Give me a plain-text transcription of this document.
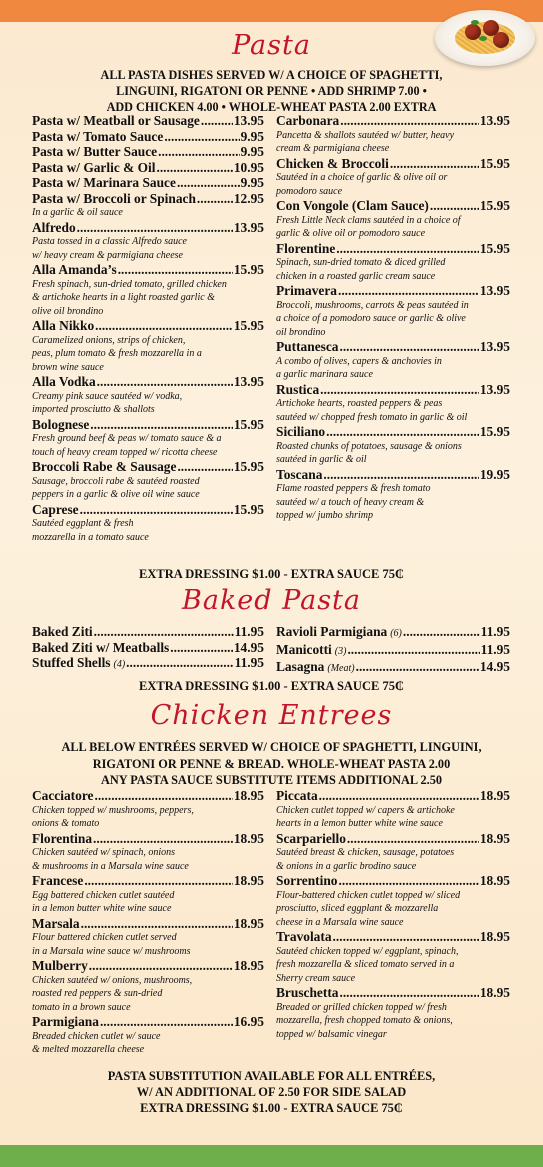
Pasta
ALL PASTA DISHES SERVED W/ A CHOICE OF SPAGHETTI,
LINGUINI, RIGATONI OR PENNE • ADD SHRIMP 7.00 •
ADD CHICKEN 4.00 • WHOLE-WHEAT PASTA 2.00 EXTRA
Pasta w/ Meatball or Sausage .....	13.95
Pasta w/ Tomato Sauce .....	9.95
Pasta w/ Butter Sauce .....	9.95
Pasta w/ Garlic & Oil .....	10.95
Pasta w/ Marinara Sauce .....	9.95
Pasta w/ Broccoli or Spinach .....	12.95
In a garlic & oil sauce
Alfredo .....	13.95
Pasta tossed in a classic Alfredo sauce
w/ heavy cream & parmigiana cheese
Alla Amanda’s .....	15.95
Fresh spinach, sun-dried tomato, grilled chicken
& artichoke hearts in a light roasted garlic &
olive oil brondino
Alla Nikko .....	15.95
Caramelized onions, strips of chicken,
peas, plum tomato & fresh mozzarella in a
brown wine sauce
Alla Vodka .....	13.95
Creamy pink sauce sautéed w/ vodka,
imported prosciutto & shallots
Bolognese .....	15.95
Fresh ground beef & peas w/ tomato sauce & a
touch of heavy cream topped w/ ricotta cheese
Broccoli Rabe & Sausage .....	15.95
Sausage, broccoli rabe & sautéed roasted
peppers in a garlic & olive oil wine sauce
Caprese .....	15.95
Sautéed eggplant & fresh
mozzarella in a tomato sauce
Carbonara .....	13.95
Pancetta & shallots sautéed w/ butter, heavy
cream & parmigiana cheese
Chicken & Broccoli .....	15.95
Sautéed in a choice of garlic & olive oil or
pomodoro sauce
Con Vongole (Clam Sauce) .....	15.95
Fresh Little Neck clams sautéed in a choice of
garlic & olive oil or pomodoro sauce
Florentine .....	15.95
Spinach, sun-dried tomato & diced grilled
chicken in a roasted garlic cream sauce
Primavera .....	13.95
Broccoli, mushrooms, carrots & peas sautéed in
a choice of a pomodoro sauce or garlic & olive
oil brondino
Puttanesca .....	13.95
A combo of olives, capers & anchovies in
a garlic marinara sauce
Rustica .....	13.95
Artichoke hearts, roasted peppers & peas
sautéed w/ chopped fresh tomato in garlic & oil
Siciliano .....	15.95
Roasted chunks of potatoes, sausage & onions
sautéed in garlic & oil
Toscana .....	19.95
Flame roasted peppers & fresh tomato
sautéed w/ a touch of heavy cream &
topped w/ jumbo shrimp
EXTRA DRESSING $1.00 - EXTRA SAUCE 75₵
Baked Pasta
Baked Ziti .....	11.95
Baked Ziti w/ Meatballs .....	14.95
Stuffed Shells (4) .....	11.95
Ravioli Parmigiana (6) .....	11.95
Manicotti (3) .....	11.95
Lasagna (Meat) .....	14.95
EXTRA DRESSING $1.00 - EXTRA SAUCE 75₵
Chicken Entrees
ALL BELOW ENTRÉES SERVED W/ CHOICE OF SPAGHETTI, LINGUINI,
RIGATONI OR PENNE & BREAD. WHOLE-WHEAT PASTA 2.00
ANY PASTA SAUCE SUBSTITUTE ITEMS ADDITIONAL 2.50
Cacciatore .....	18.95
Chicken topped w/ mushrooms, peppers,
onions & tomato
Florentina .....	18.95
Chicken sautéed w/ spinach, onions
& mushrooms in a Marsala wine sauce
Francese .....	18.95
Egg battered chicken cutlet sautéed
in a lemon butter white wine sauce
Marsala .....	18.95
Flour battered chicken cutlet served
in a Marsala wine sauce w/ mushrooms
Mulberry .....	18.95
Chicken sautéed w/ onions, mushrooms,
roasted red peppers & sun-dried
tomato in a brown sauce
Parmigiana .....	16.95
Breaded chicken cutlet w/ sauce
& melted mozzarella cheese
Piccata .....	18.95
Chicken cutlet topped w/ capers & artichoke
hearts in a lemon butter white wine sauce
Scarpariello .....	18.95
Sautéed breast & chicken, sausage, potatoes
& onions in a garlic brodino sauce
Sorrentino .....	18.95
Flour-battered chicken cutlet topped w/ sliced
prosciutto, sliced eggplant & mozzarella
cheese in a Marsala wine sauce
Travolata .....	18.95
Sautéed chicken topped w/ eggplant, spinach,
fresh mozzarella & sliced tomato served in a
Sherry cream sauce
Bruschetta .....	18.95
Breaded or grilled chicken topped w/ fresh
mozzarella, fresh chopped tomato & onions,
topped w/ balsamic vinegar
PASTA SUBSTITUTION AVAILABLE FOR ALL ENTRÉES,
W/ AN ADDITIONAL OF 2.50 FOR SIDE SALAD
EXTRA DRESSING $1.00 - EXTRA SAUCE 75₵
